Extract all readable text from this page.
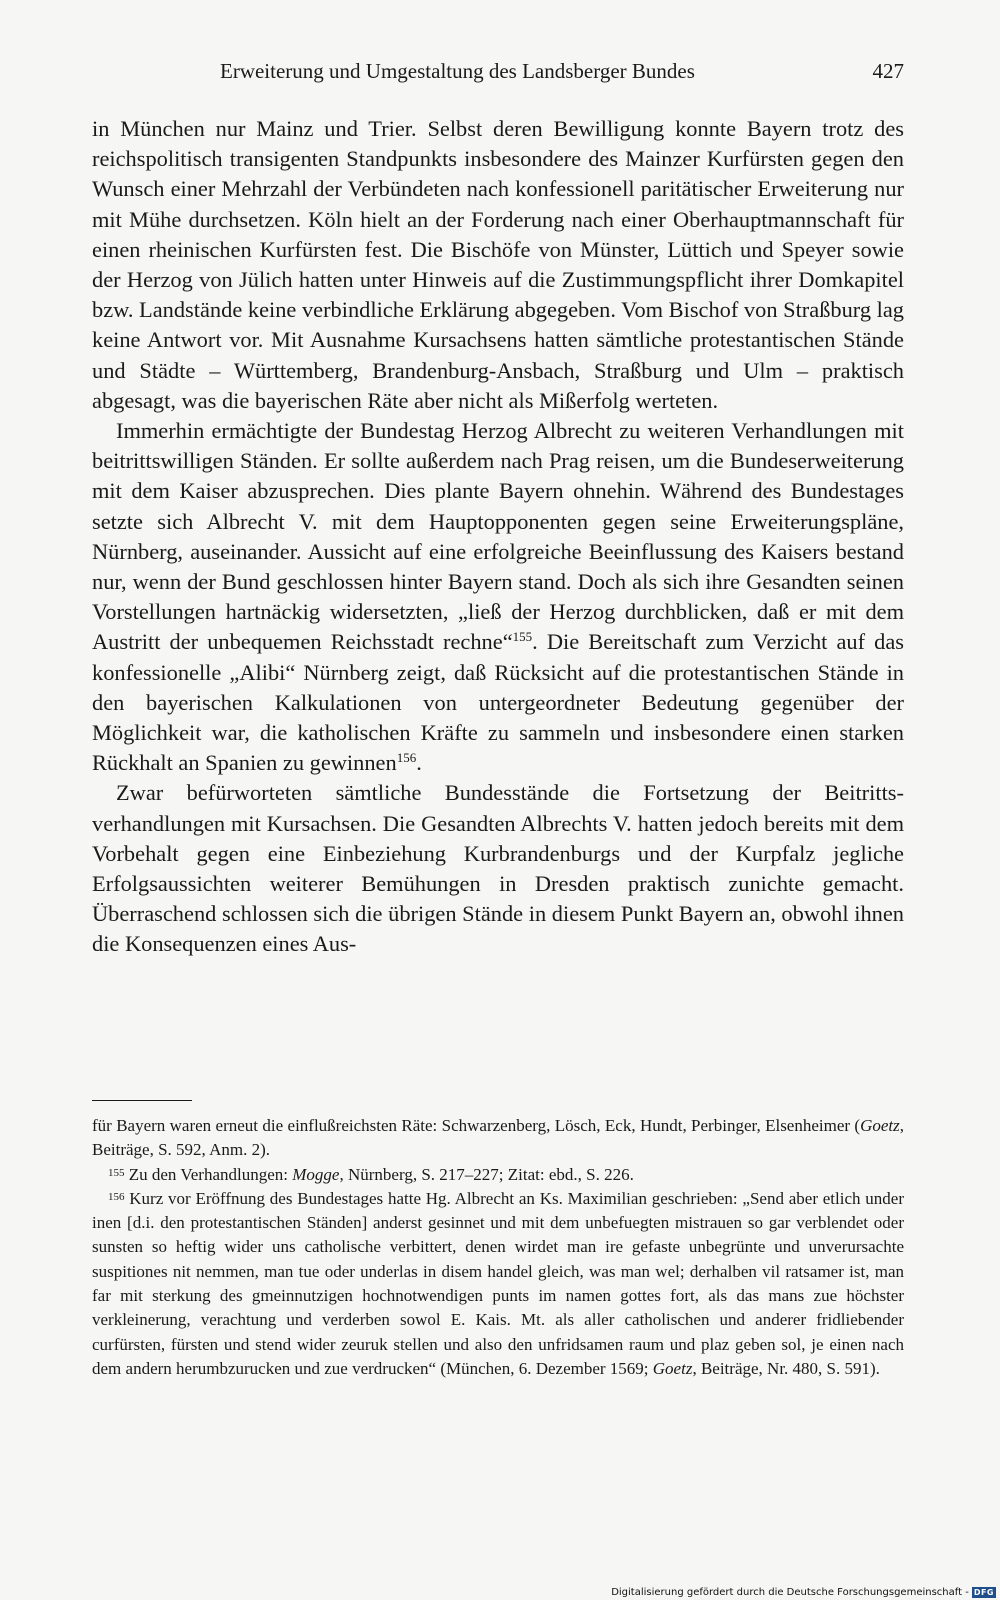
Erweiterung und Umgestaltung des Landsberger Bundes	427

in München nur Mainz und Trier. Selbst deren Bewilligung konnte Bayern trotz des reichspolitisch transigenten Standpunkts insbesondere des Mainzer Kurfürsten gegen den Wunsch einer Mehrzahl der Verbündeten nach konfessionell paritätischer Erweiterung nur mit Mühe durchsetzen. Köln hielt an der Forderung nach einer Oberhauptmannschaft für einen rheinischen Kurfürsten fest. Die Bischöfe von Münster, Lüttich und Speyer sowie der Herzog von Jülich hatten unter Hinweis auf die Zustimmungspflicht ihrer Domkapitel bzw. Landstände keine verbindliche Erklärung abgegeben. Vom Bischof von Straßburg lag keine Antwort vor. Mit Ausnahme Kursachsens hatten sämtliche protestantischen Stände und Städte – Württemberg, Brandenburg-Ansbach, Straßburg und Ulm – praktisch abgesagt, was die bayerischen Räte aber nicht als Mißerfolg werteten.

Immerhin ermächtigte der Bundestag Herzog Albrecht zu weiteren Verhandlungen mit beitrittswilligen Ständen. Er sollte außerdem nach Prag reisen, um die Bundeserweiterung mit dem Kaiser abzusprechen. Dies plante Bayern ohnehin. Während des Bundestages setzte sich Albrecht V. mit dem Hauptopponenten gegen seine Erweiterungspläne, Nürnberg, auseinander. Aussicht auf eine erfolgreiche Beeinflussung des Kaisers bestand nur, wenn der Bund geschlossen hinter Bayern stand. Doch als sich ihre Gesandten seinen Vorstellungen hartnäckig widersetzten, „ließ der Herzog durchblicken, daß er mit dem Austritt der unbequemen Reichsstadt rechne“$^{155}$. Die Bereitschaft zum Verzicht auf das konfessionelle „Alibi“ Nürnberg zeigt, daß Rücksicht auf die protestantischen Stände in den bayerischen Kalkulationen von untergeordneter Bedeutung gegenüber der Möglichkeit war, die katholischen Kräfte zu sammeln und insbesondere einen starken Rückhalt an Spanien zu gewinnen$^{156}$.

Zwar befürworteten sämtliche Bundesstände die Fortsetzung der Beitrittsverhandlungen mit Kursachsen. Die Gesandten Albrechts V. hatten jedoch bereits mit dem Vorbehalt gegen eine Einbeziehung Kurbrandenburgs und der Kurpfalz jegliche Erfolgsaussichten weiterer Bemühungen in Dresden praktisch zunichte gemacht. Überraschend schlossen sich die übrigen Stände in diesem Punkt Bayern an, obwohl ihnen die Konsequenzen eines Aus-

für Bayern waren erneut die einflußreichsten Räte: Schwarzenberg, Lösch, Eck, Hundt, Perbinger, Elsenheimer (Goetz, Beiträge, S. 592, Anm. 2).

$^{155}$ Zu den Verhandlungen: Mogge, Nürnberg, S. 217–227; Zitat: ebd., S. 226.

$^{156}$ Kurz vor Eröffnung des Bundestages hatte Hg. Albrecht an Ks. Maximilian geschrieben: „Send aber etlich under inen [d.i. den protestantischen Ständen] anderst gesinnet und mit dem unbefuegten mistrauen so gar verblendet oder sunsten so heftig wider uns catholische verbittert, denen wirdet man ire gefaste unbegrünte und unverursachte suspitiones nit nemmen, man tue oder underlas in disem handel gleich, was man wel; derhalben vil ratsamer ist, man far mit sterkung des gmeinnutzigen hochnotwendigen punts im namen gottes fort, als das mans zue höchster verkleinerung, verachtung und verderben sowol E. Kais. Mt. als aller catholischen und anderer fridliebender curfürsten, fürsten und stend wider zeuruk stellen und also den unfridsamen raum und plaz geben sol, je einen nach dem andern herumbzurucken und zue verdrucken“ (München, 6. Dezember 1569; Goetz, Beiträge, Nr. 480, S. 591).

Digitalisierung gefördert durch die Deutsche Forschungsgemeinschaft - DFG
